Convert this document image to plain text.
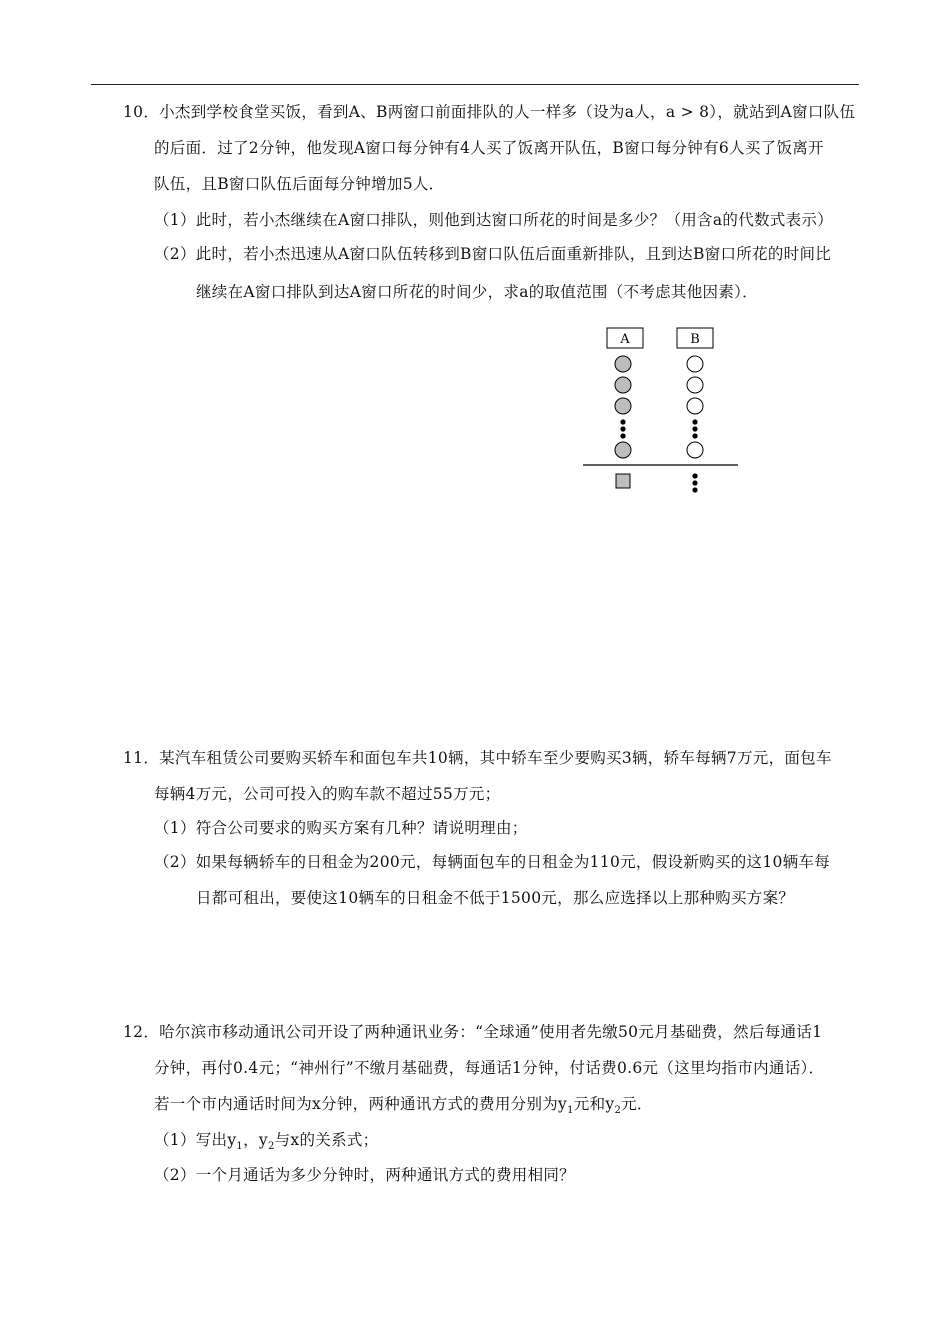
10．小杰到学校食堂买饭，看到A、B两窗口前面排队的人一样多（设为a人，a > 8），就站到A窗口队伍
的后面．过了2分钟，他发现A窗口每分钟有4人买了饭离开队伍，B窗口每分钟有6人买了饭离开
队伍，且B窗口队伍后面每分钟增加5人．
（1）此时，若小杰继续在A窗口排队，则他到达窗口所花的时间是多少？（用含a的代数式表示）
（2）此时，若小杰迅速从A窗口队伍转移到B窗口队伍后面重新排队，且到达B窗口所花的时间比
继续在A窗口排队到达A窗口所花的时间少，求a的取值范围（不考虑其他因素）．
A	B
11．某汽车租赁公司要购买轿车和面包车共10辆，其中轿车至少要购买3辆，轿车每辆7万元，面包车
每辆4万元，公司可投入的购车款不超过55万元；
（1）符合公司要求的购买方案有几种？请说明理由；
（2）如果每辆轿车的日租金为200元，每辆面包车的日租金为110元，假设新购买的这10辆车每
日都可租出，要使这10辆车的日租金不低于1500元，那么应选择以上那种购买方案？
12．哈尔滨市移动通讯公司开设了两种通讯业务：“全球通”使用者先缴50元月基础费，然后每通话1
分钟，再付0.4元；“神州行”不缴月基础费，每通话1分钟，付话费0.6元（这里均指市内通话）．
若一个市内通话时间为x分钟，两种通讯方式的费用分别为$y_1$元和$y_2$元．
（1）写出$y_1$，$y_2$与x的关系式；
（2）一个月通话为多少分钟时，两种通讯方式的费用相同？
